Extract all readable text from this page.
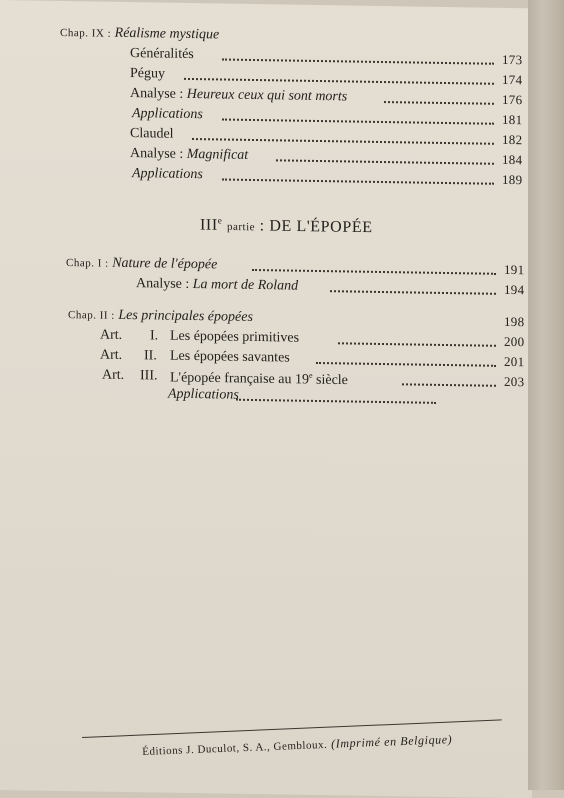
Chap. IX : Réalisme mystique
Généralités	173
Péguy	174
Analyse : Heureux ceux qui sont morts	176
Applications	181
Claudel	182
Analyse : Magnificat	184
Applications	189
IIIe partie : DE L'ÉPOPÉE
Chap. I : Nature de l'épopée	191
Analyse : La mort de Roland	194
Chap. II : Les principales épopées	198
Art. I. Les épopées primitives	200
Art. II. Les épopées savantes	201
Art. III. L'épopée française au 19e siècle	203
Applications
Éditions J. Duculot, S. A., Gembloux. (Imprimé en Belgique)
